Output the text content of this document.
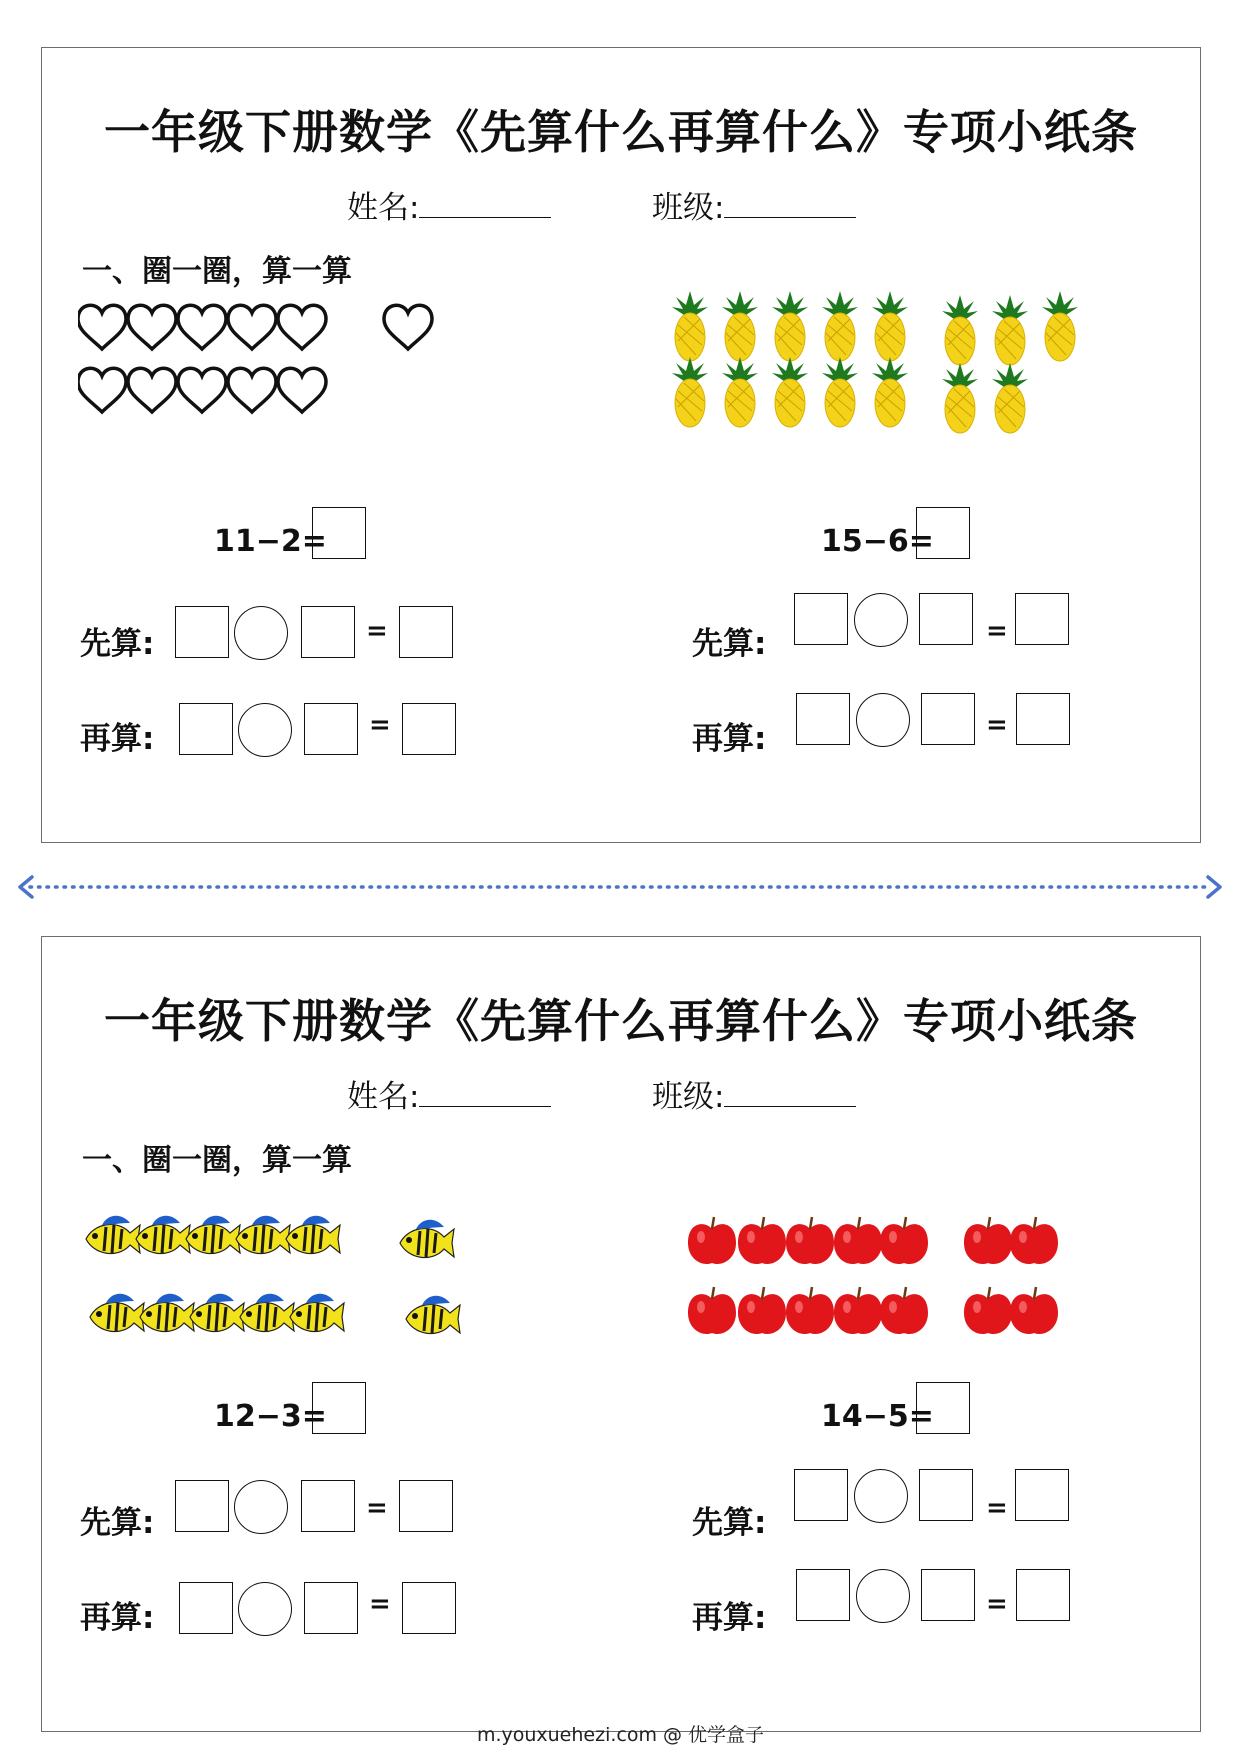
一年级下册数学《先算什么再算什么》专项小纸条
姓名:	班级:
一、圈一圈，算一算
11−2=
先算:	=
再算:	=
15−6=
先算:	=
再算:	=
一年级下册数学《先算什么再算什么》专项小纸条
姓名:	班级:
一、圈一圈，算一算
12−3=
先算:	=
再算:	=
14−5=
先算:	=
再算:	=
m.youxuehezi.com @ 优学盒子
